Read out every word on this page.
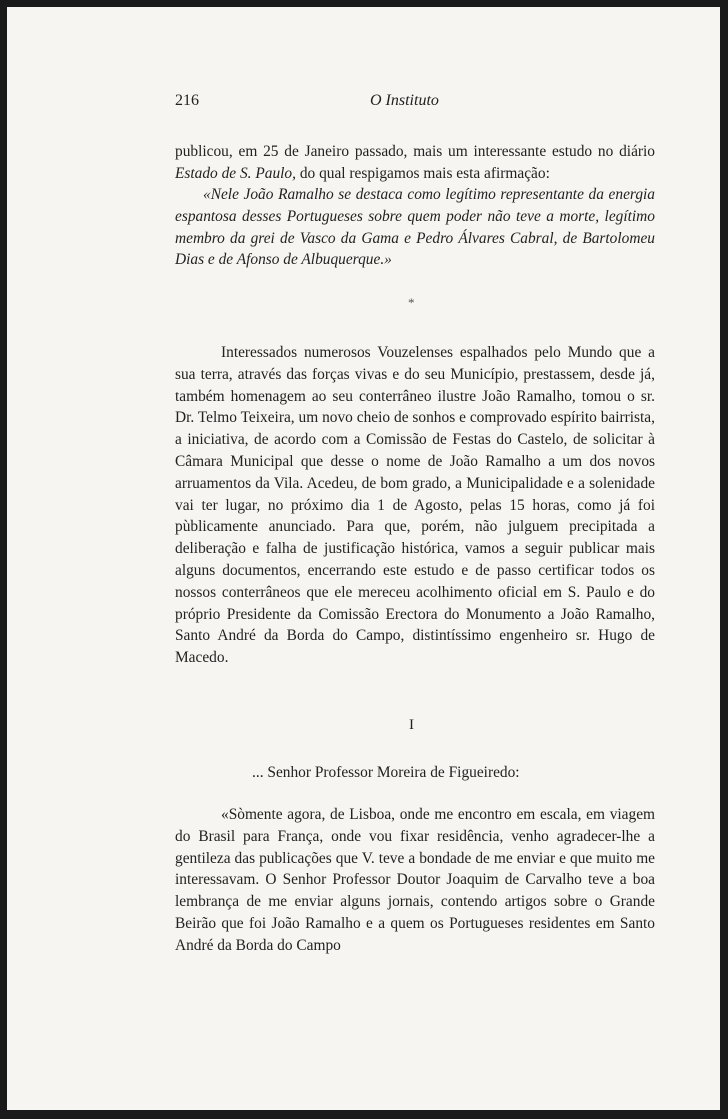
216	O Instituto
publicou, em 25 de Janeiro passado, mais um interessante estudo no diário Estado de S. Paulo, do qual respigamos mais esta afirmação:
«Nele João Ramalho se destaca como legítimo representante da energia espantosa desses Portugueses sobre quem poder não teve a morte, legítimo membro da grei de Vasco da Gama e Pedro Álvares Cabral, de Bartolomeu Dias e de Afonso de Albuquerque.»
*
Interessados numerosos Vouzelenses espalhados pelo Mundo que a sua terra, através das forças vivas e do seu Município, prestassem, desde já, também homenagem ao seu conterrâneo ilustre João Ramalho, tomou o sr. Dr. Telmo Teixeira, um novo cheio de sonhos e comprovado espírito bairrista, a iniciativa, de acordo com a Comissão de Festas do Castelo, de solicitar à Câmara Municipal que desse o nome de João Ramalho a um dos novos arruamentos da Vila. Acedeu, de bom grado, a Municipalidade e a solenidade vai ter lugar, no próximo dia 1 de Agosto, pelas 15 horas, como já foi pùblicamente anunciado. Para que, porém, não julguem precipitada a deliberação e falha de justificação histórica, vamos a seguir publicar mais alguns documentos, encerrando este estudo e de passo certificar todos os nossos conterrâneos que ele mereceu acolhimento oficial em S. Paulo e do próprio Presidente da Comissão Erectora do Monumento a João Ramalho, Santo André da Borda do Campo, distintíssimo engenheiro sr. Hugo de Macedo.
I
... Senhor Professor Moreira de Figueiredo:
«Sòmente agora, de Lisboa, onde me encontro em escala, em viagem do Brasil para França, onde vou fixar residência, venho agradecer-lhe a gentileza das publicações que V. teve a bondade de me enviar e que muito me interessavam. O Senhor Professor Doutor Joaquim de Carvalho teve a boa lembrança de me enviar alguns jornais, contendo artigos sobre o Grande Beirão que foi João Ramalho e a quem os Portugueses residentes em Santo André da Borda do Campo
